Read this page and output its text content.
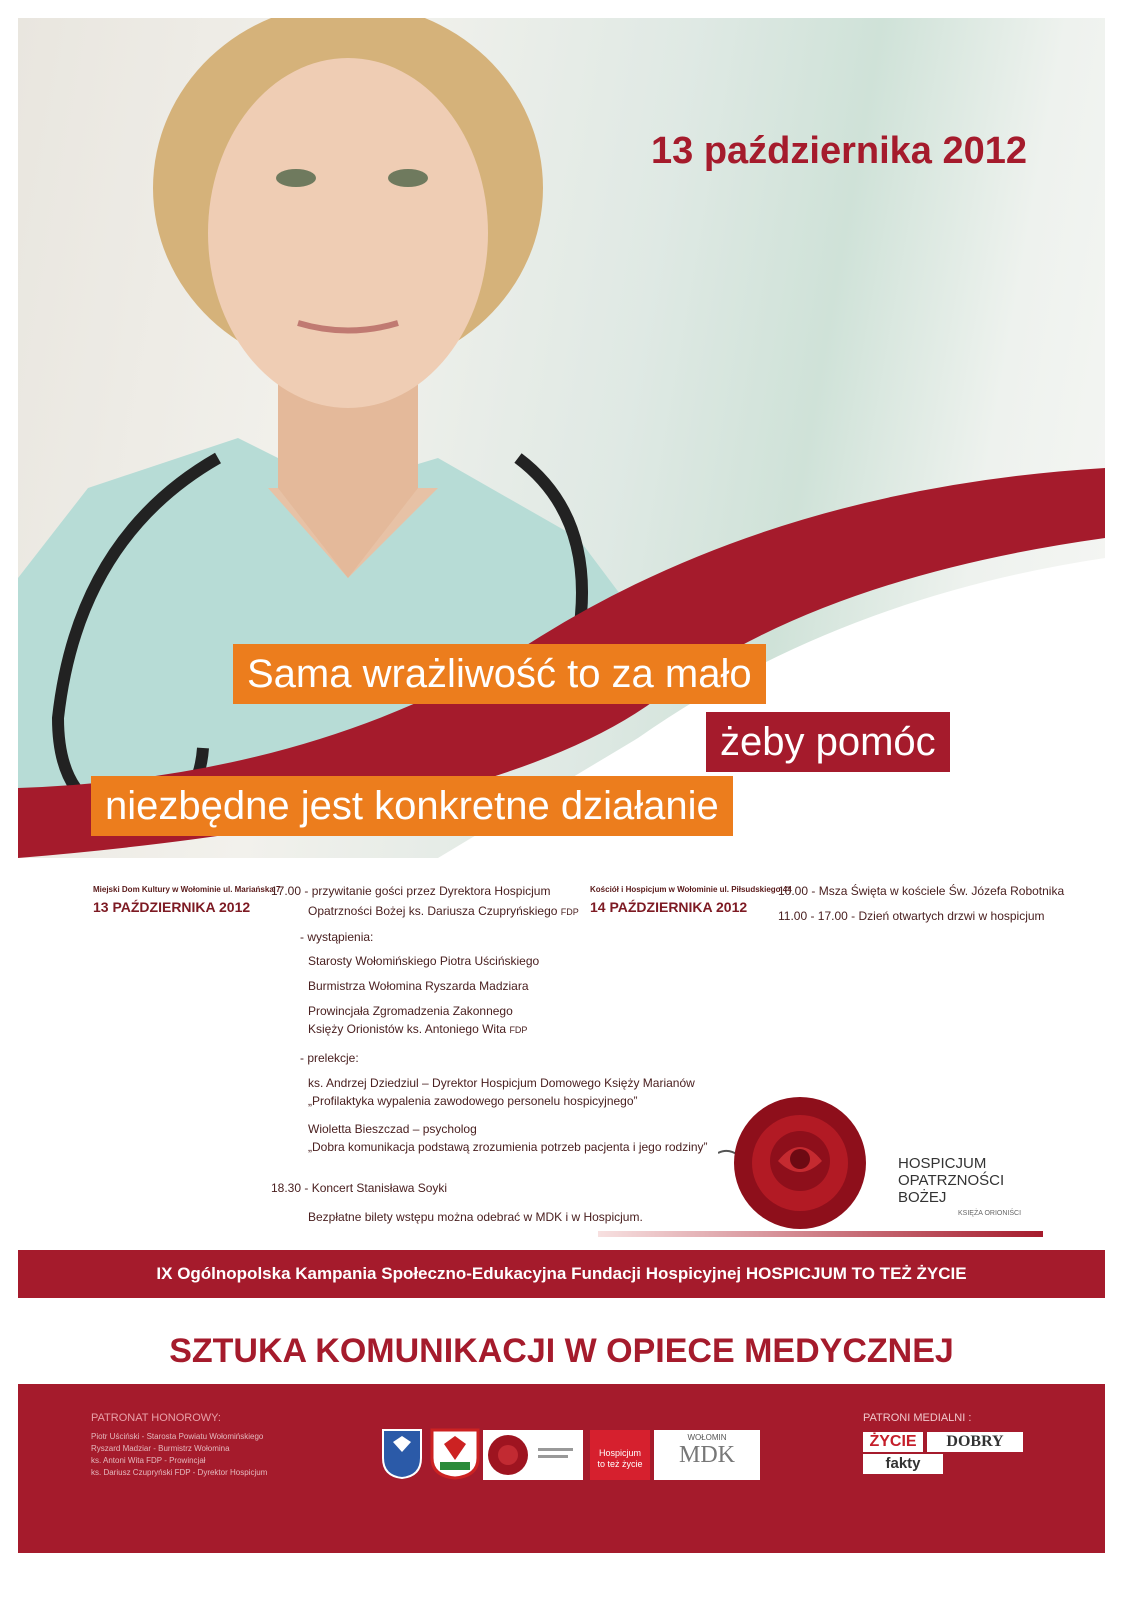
13 października 2012
Sama wrażliwość to za mało
żeby pomóc
niezbędne jest konkretne działanie
Miejski Dom Kultury w Wołominie ul. Mariańska 7
13 PAŹDZIERNIKA 2012
17.00 - przywitanie gości przez Dyrektora Hospicjum
Opatrzności Bożej ks. Dariusza Czupryńskiego FDP
- wystąpienia:
Starosty Wołomińskiego Piotra Uścińskiego
Burmistrza Wołomina Ryszarda Madziara
Prowincjała Zgromadzenia Zakonnego
Księży Orionistów ks. Antoniego Wita FDP
- prelekcje:
ks. Andrzej Dziedziul – Dyrektor Hospicjum Domowego Księży Marianów
„Profilaktyka wypalenia zawodowego personelu hospicyjnego”
Wioletta Bieszczad – psycholog
„Dobra komunikacja podstawą zrozumienia potrzeb pacjenta i jego rodziny”
18.30 - Koncert Stanisława Soyki
Bezpłatne bilety wstępu można odebrać w MDK i w Hospicjum.
Kościół i Hospicjum w Wołominie ul. Piłsudskiego 44
14 PAŹDZIERNIKA 2012
10.00 - Msza Święta w kościele Św. Józefa Robotnika
11.00 - 17.00 - Dzień otwartych drzwi w hospicjum
HOSPICJUM
OPATRZNOŚCI
BOŻEJ
KSIĘŻA ORIONIŚCI
IX Ogólnopolska Kampania Społeczno-Edukacyjna Fundacji Hospicyjnej HOSPICJUM TO TEŻ ŻYCIE
SZTUKA KOMUNIKACJI W OPIECE MEDYCZNEJ
PATRONAT HONOROWY:
Piotr Uściński - Starosta Powiatu Wołomińskiego
Ryszard Madziar - Burmistrz Wołomina
ks. Antoni Wita FDP - Prowincjał
ks. Dariusz Czupryński FDP - Dyrektor Hospicjum
Hospicjum
to też życie
WOŁOMIN
MDK
PATRONI MEDIALNI :
ŻYCIE	DOBRY
fakty
